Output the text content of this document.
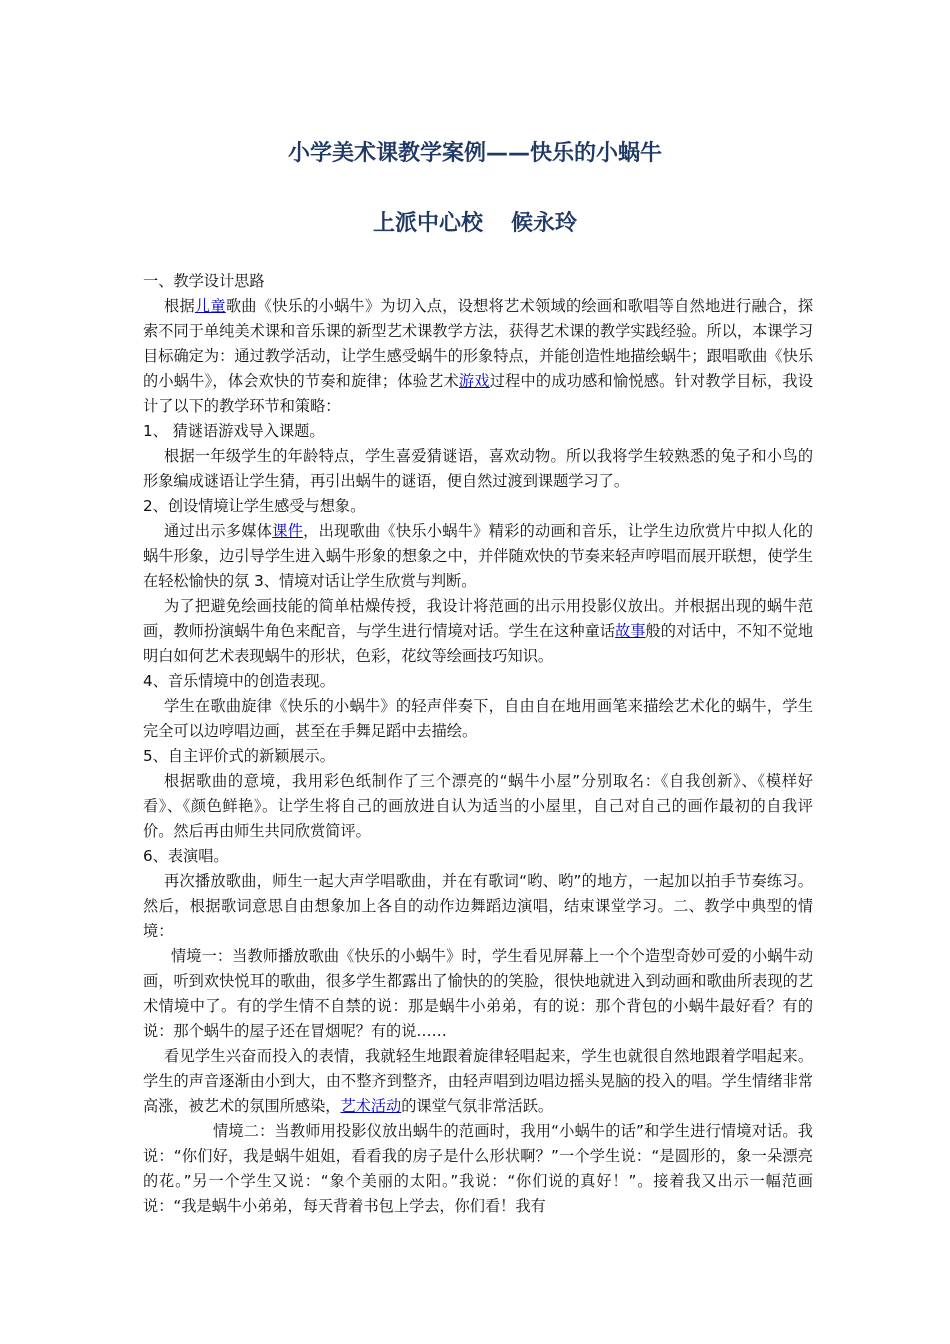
小学美术课教学案例——快乐的小蜗牛
上派中心校 候永玲

一、教学设计思路

根据儿童歌曲《快乐的小蜗牛》为切入点，设想将艺术领域的绘画和歌唱等自然地进行融合，探索不同于单纯美术课和音乐课的新型艺术课教学方法，获得艺术课的教学实践经验。所以，本课学习目标确定为：通过教学活动，让学生感受蜗牛的形象特点，并能创造性地描绘蜗牛；跟唱歌曲《快乐的小蜗牛》，体会欢快的节奏和旋律；体验艺术游戏过程中的成功感和愉悦感。针对教学目标，我设计了以下的教学环节和策略：

1、 猜谜语游戏导入课题。

根据一年级学生的年龄特点，学生喜爱猜谜语，喜欢动物。所以我将学生较熟悉的兔子和小鸟的形象编成谜语让学生猜，再引出蜗牛的谜语，便自然过渡到课题学习了。

2、创设情境让学生感受与想象。

通过出示多媒体课件，出现歌曲《快乐小蜗牛》精彩的动画和音乐，让学生边欣赏片中拟人化的蜗牛形象，边引导学生进入蜗牛形象的想象之中，并伴随欢快的节奏来轻声哼唱而展开联想，使学生在轻松愉快的氛 3、情境对话让学生欣赏与判断。

为了把避免绘画技能的简单枯燥传授，我设计将范画的出示用投影仪放出。并根据出现的蜗牛范画，教师扮演蜗牛角色来配音，与学生进行情境对话。学生在这种童话故事般的对话中，不知不觉地明白如何艺术表现蜗牛的形状，色彩，花纹等绘画技巧知识。

4、音乐情境中的创造表现。

学生在歌曲旋律《快乐的小蜗牛》的轻声伴奏下，自由自在地用画笔来描绘艺术化的蜗牛，学生完全可以边哼唱边画，甚至在手舞足蹈中去描绘。

5、自主评价式的新颖展示。

根据歌曲的意境，我用彩色纸制作了三个漂亮的“蜗牛小屋”分别取名：《自我创新》、《模样好看》、《颜色鲜艳》。让学生将自己的画放进自认为适当的小屋里，自己对自己的画作最初的自我评价。然后再由师生共同欣赏简评。

6、表演唱。

再次播放歌曲，师生一起大声学唱歌曲，并在有歌词“哟、哟”的地方，一起加以拍手节奏练习。然后，根据歌词意思自由想象加上各自的动作边舞蹈边演唱，结束课堂学习。二、教学中典型的情境：

情境一：当教师播放歌曲《快乐的小蜗牛》时，学生看见屏幕上一个个造型奇妙可爱的小蜗牛动画，听到欢快悦耳的歌曲，很多学生都露出了愉快的的笑脸，很快地就进入到动画和歌曲所表现的艺术情境中了。有的学生情不自禁的说：那是蜗牛小弟弟，有的说：那个背包的小蜗牛最好看？有的说：那个蜗牛的屋子还在冒烟呢？有的说……

看见学生兴奋而投入的表情，我就轻生地跟着旋律轻唱起来，学生也就很自然地跟着学唱起来。学生的声音逐渐由小到大，由不整齐到整齐，由轻声唱到边唱边摇头晃脑的投入的唱。学生情绪非常高涨，被艺术的氛围所感染，艺术活动的课堂气氛非常活跃。

情境二：当教师用投影仪放出蜗牛的范画时，我用“小蜗牛的话”和学生进行情境对话。我说：“你们好，我是蜗牛姐姐，看看我的房子是什么形状啊？”一个学生说：“是圆形的，象一朵漂亮的花。”另一个学生又说：“象个美丽的太阳。”我说：“你们说的真好！”。接着我又出示一幅范画说：“我是蜗牛小弟弟，每天背着书包上学去，你们看！我有
